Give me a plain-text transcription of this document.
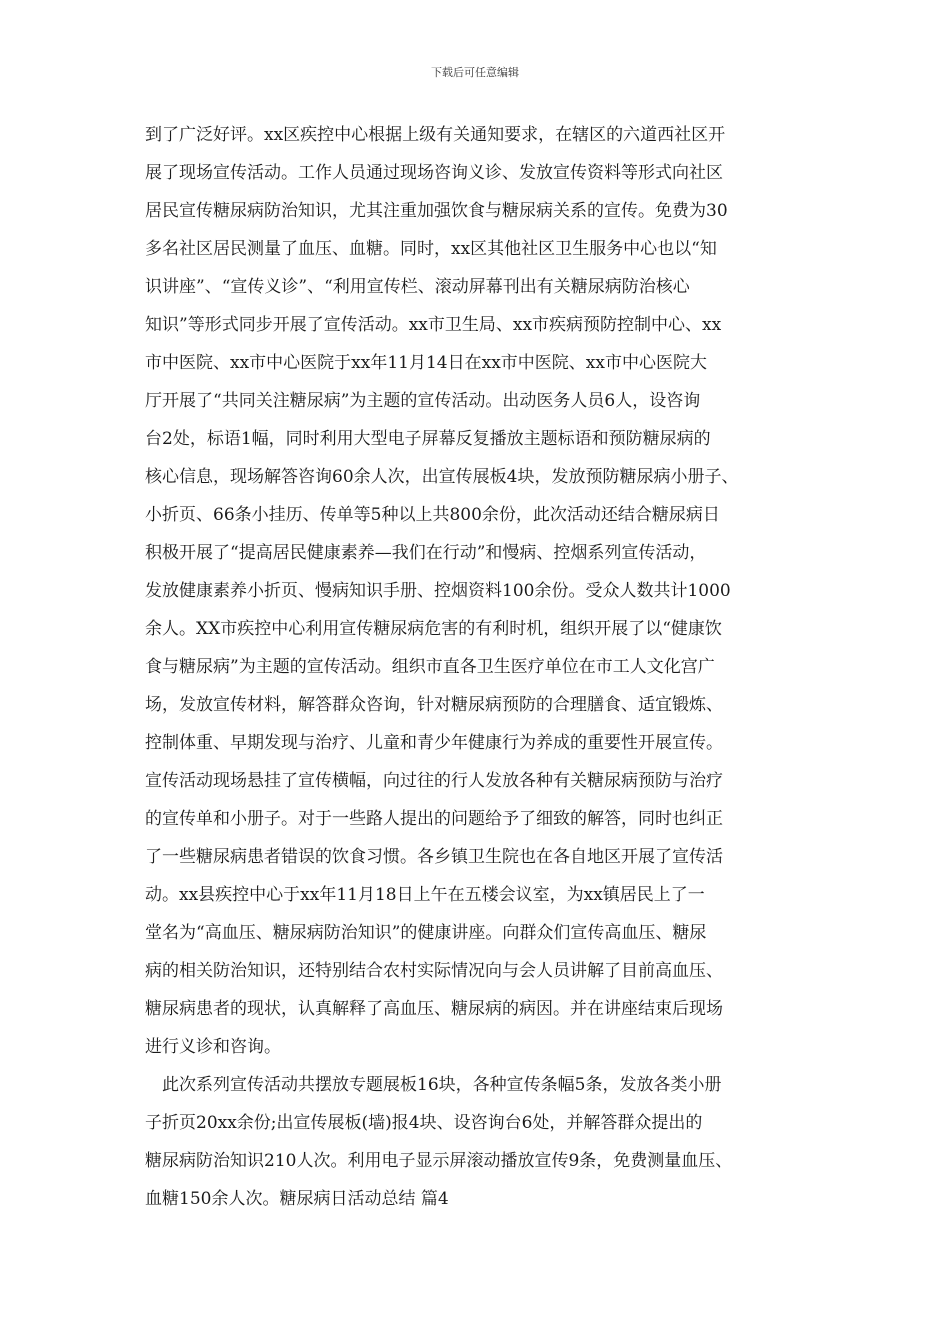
下载后可任意编辑
到了广泛好评。xx区疾控中心根据上级有关通知要求，在辖区的六道西社区开
展了现场宣传活动。工作人员通过现场咨询义诊、发放宣传资料等形式向社区
居民宣传糖尿病防治知识，尤其注重加强饮食与糖尿病关系的宣传。免费为30
多名社区居民测量了血压、血糖。同时，xx区其他社区卫生服务中心也以“知
识讲座”、“宣传义诊”、“利用宣传栏、滚动屏幕刊出有关糖尿病防治核心
知识”等形式同步开展了宣传活动。xx市卫生局、xx市疾病预防控制中心、xx
市中医院、xx市中心医院于xx年11月14日在xx市中医院、xx市中心医院大
厅开展了“共同关注糖尿病”为主题的宣传活动。出动医务人员6人，设咨询
台2处，标语1幅，同时利用大型电子屏幕反复播放主题标语和预防糖尿病的
核心信息，现场解答咨询60余人次，出宣传展板4块，发放预防糖尿病小册子、
小折页、66条小挂历、传单等5种以上共800余份，此次活动还结合糖尿病日
积极开展了“提高居民健康素养—我们在行动”和慢病、控烟系列宣传活动，
发放健康素养小折页、慢病知识手册、控烟资料100余份。受众人数共计1000
余人。XX市疾控中心利用宣传糖尿病危害的有利时机，组织开展了以“健康饮
食与糖尿病”为主题的宣传活动。组织市直各卫生医疗单位在市工人文化宫广
场，发放宣传材料，解答群众咨询，针对糖尿病预防的合理膳食、适宜锻炼、
控制体重、早期发现与治疗、儿童和青少年健康行为养成的重要性开展宣传。
宣传活动现场悬挂了宣传横幅，向过往的行人发放各种有关糖尿病预防与治疗
的宣传单和小册子。对于一些路人提出的问题给予了细致的解答，同时也纠正
了一些糖尿病患者错误的饮食习惯。各乡镇卫生院也在各自地区开展了宣传活
动。xx县疾控中心于xx年11月18日上午在五楼会议室，为xx镇居民上了一
堂名为“高血压、糖尿病防治知识”的健康讲座。向群众们宣传高血压、糖尿
病的相关防治知识，还特别结合农村实际情况向与会人员讲解了目前高血压、
糖尿病患者的现状，认真解释了高血压、糖尿病的病因。并在讲座结束后现场
进行义诊和咨询。
此次系列宣传活动共摆放专题展板16块，各种宣传条幅5条，发放各类小册
子折页20xx余份;出宣传展板(墙)报4块、设咨询台6处，并解答群众提出的
糖尿病防治知识210人次。利用电子显示屏滚动播放宣传9条，免费测量血压、
血糖150余人次。糖尿病日活动总结 篇4
